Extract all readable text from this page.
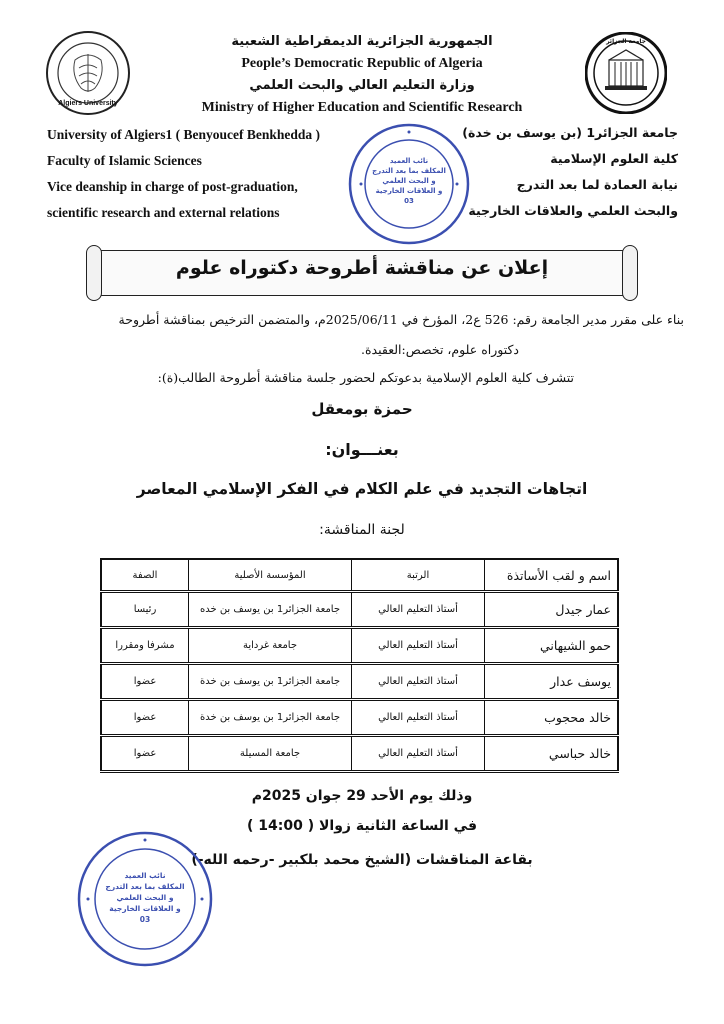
الجمهورية الجزائرية الديمقراطية الشعبية
People’s Democratic Republic of Algeria
وزارة التعليم العالي والبحث العلمي
Ministry of Higher Education and Scientific Research
Algiers University
جامعة الجزائر
University of Algiers1 ( Benyoucef Benkhedda )
Faculty of Islamic Sciences
Vice deanship in charge of post-graduation,
scientific research and external relations
جامعة الجزائر1 (بن يوسف بن خدة)
كلية العلوم الإسلامية
نيابة العمادة لما بعد التدرج
والبحث العلمي والعلاقات الخارجية
نائب العميد
المكلف بما بعد التدرج
و البحث العلمي
و العلاقات الخارجية
03
إعلان عن مناقشة أطروحة دكتوراه علوم
بناء على مقرر مدير الجامعة رقم: 526 ع2، المؤرخ في 2025/06/11م، والمتضمن الترخيص بمناقشة أطروحة
دكتوراه علوم، تخصص:العقيدة.
تتشرف كلية العلوم الإسلامية بدعوتكم لحضور جلسة مناقشة أطروحة الطالب(ة):
حمزة بومعقل
بعنـــوان:
اتجاهات التجديد في علم الكلام في الفكر الإسلامي المعاصر
لجنة المناقشة:
اسم و لقب الأساتذة	الرتبة	المؤسسة الأصلية	الصفة
عمار جيدل	أستاذ التعليم العالي	جامعة الجزائر1 بن يوسف بن خده	رئيسا
حمو الشيهاني	أستاذ التعليم العالي	جامعة غرداية	مشرفا ومقررا
يوسف عدار	أستاذ التعليم العالي	جامعة الجزائر1 بن يوسف بن خدة	عضوا
خالد محجوب	أستاذ التعليم العالي	جامعة الجزائر1 بن يوسف بن خدة	عضوا
خالد حباسي	أستاذ التعليم العالي	جامعة المسيلة	عضوا
وذلك يوم الأحد 29 جوان 2025م
في الساعة الثانية زوالا ( 14:00 )
بقاعة المناقشات (الشيخ محمد بلكبير -رحمه الله-)
نائب العميد
المكلف بما بعد التدرج
و البحث العلمي
و العلاقات الخارجية
03
